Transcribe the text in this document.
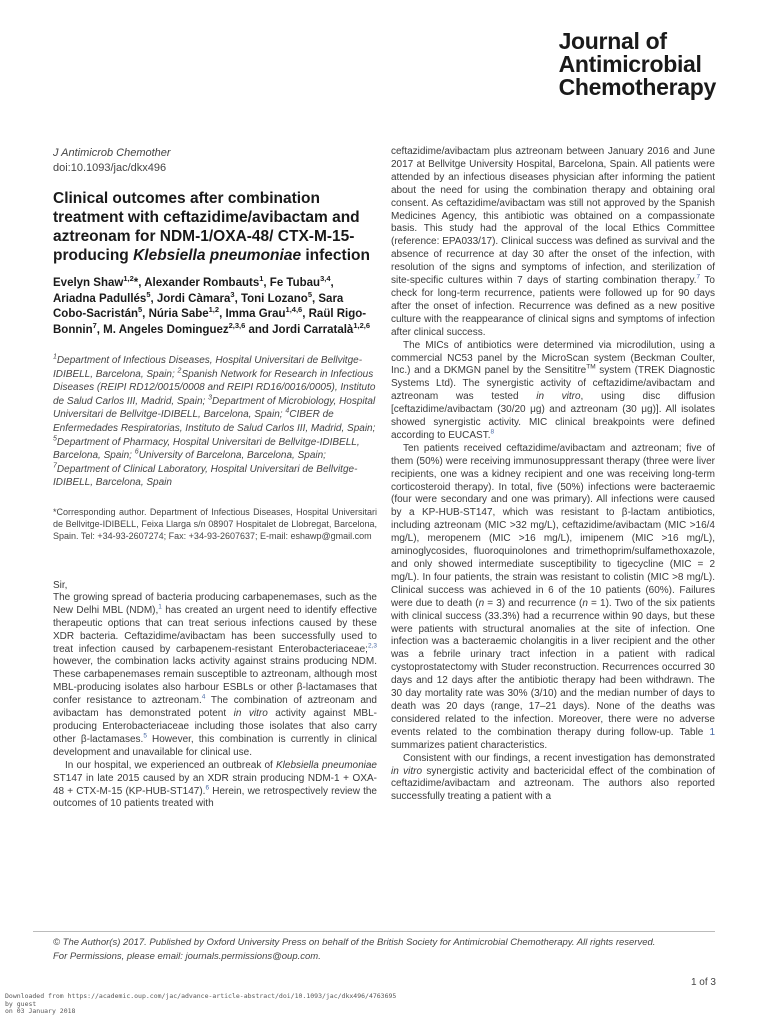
Journal of
Antimicrobial
Chemotherapy
J Antimicrob Chemother
doi:10.1093/jac/dkx496
Clinical outcomes after combination treatment with ceftazidime/avibactam and aztreonam for NDM-1/OXA-48/ CTX-M-15-producing Klebsiella pneumoniae infection
Evelyn Shaw$^{1,2}$*, Alexander Rombauts$^1$, Fe Tubau$^{3,4}$, Ariadna Padullés$^5$, Jordi Càmara$^3$, Toni Lozano$^5$, Sara Cobo-Sacristán$^5$, Núria Sabe$^{1,2}$, Imma Grau$^{1,4,6}$, Raül Rigo-Bonnin$^7$, M. Angeles Dominguez$^{2,3,6}$ and Jordi Carratalà$^{1,2,6}$
$^1$Department of Infectious Diseases, Hospital Universitari de Bellvitge-IDIBELL, Barcelona, Spain; $^2$Spanish Network for Research in Infectious Diseases (REIPI RD12/0015/0008 and REIPI RD16/0016/0005), Instituto de Salud Carlos III, Madrid, Spain; $^3$Department of Microbiology, Hospital Universitari de Bellvitge-IDIBELL, Barcelona, Spain; $^4$CIBER de Enfermedades Respiratorias, Instituto de Salud Carlos III, Madrid, Spain; $^5$Department of Pharmacy, Hospital Universitari de Bellvitge-IDIBELL, Barcelona, Spain; $^6$University of Barcelona, Barcelona, Spain; $^7$Department of Clinical Laboratory, Hospital Universitari de Bellvitge-IDIBELL, Barcelona, Spain
*Corresponding author. Department of Infectious Diseases, Hospital Universitari de Bellvitge-IDIBELL, Feixa Llarga s/n 08907 Hospitalet de Llobregat, Barcelona, Spain. Tel: +34-93-2607274; Fax: +34-93-2607637; E-mail: eshawp@gmail.com
Sir,

The growing spread of bacteria producing carbapenemases, such as the New Delhi MBL (NDM),$^1$ has created an urgent need to identify effective therapeutic options that can treat serious infections caused by these XDR bacteria. Ceftazidime/avibactam has been successfully used to treat infection caused by carbapenem-resistant Enterobacteriaceae;$^{2,3}$ however, the combination lacks activity against strains producing NDM. These carbapenemases remain susceptible to aztreonam, although most MBL-producing isolates also harbour ESBLs or other β-lactamases that confer resistance to aztreonam.$^4$ The combination of aztreonam and avibactam has demonstrated potent in vitro activity against MBL-producing Enterobacteriaceae including those isolates that also carry other β-lactamases.$^5$ However, this combination is currently in clinical development and unavailable for clinical use.

In our hospital, we experienced an outbreak of Klebsiella pneumoniae ST147 in late 2015 caused by an XDR strain producing NDM-1 + OXA-48 + CTX-M-15 (KP-HUB-ST147).$^6$ Herein, we retrospectively review the outcomes of 10 patients treated with

ceftazidime/avibactam plus aztreonam between January 2016 and June 2017 at Bellvitge University Hospital, Barcelona, Spain. All patients were attended by an infectious diseases physician after informing the patient about the need for using the combination therapy and obtaining oral consent. As ceftazidime/avibactam was still not approved by the Spanish Medicines Agency, this antibiotic was obtained on a compassionate basis. This study had the approval of the local Ethics Committee (reference: EPA033/17). Clinical success was defined as survival and the absence of recurrence at day 30 after the onset of the infection, with resolution of the signs and symptoms of infection, and sterilization of site-specific cultures within 7 days of starting combination therapy.$^7$ To check for long-term recurrence, patients were followed up for 90 days after the onset of infection. Recurrence was defined as a new positive culture with the reappearance of clinical signs and symptoms of infection after clinical success.

The MICs of antibiotics were determined via microdilution, using a commercial NC53 panel by the MicroScan system (Beckman Coulter, Inc.) and a DKMGN panel by the Sensititre™ system (TREK Diagnostic Systems Ltd). The synergistic activity of ceftazidime/avibactam and aztreonam was tested in vitro, using disc diffusion [ceftazidime/avibactam (30/20 μg) and aztreonam (30 μg)]. All isolates showed synergistic activity. MIC clinical breakpoints were defined according to EUCAST.$^8$

Ten patients received ceftazidime/avibactam and aztreonam; five of them (50%) were receiving immunosuppressant therapy (three were liver recipients, one was a kidney recipient and one was receiving long-term corticosteroid therapy). In total, five (50%) infections were bacteraemic (four were secondary and one was primary). All infections were caused by a KP-HUB-ST147, which was resistant to β-lactam antibiotics, including aztreonam (MIC >32 mg/L), ceftazidime/avibactam (MIC >16/4 mg/L), meropenem (MIC >16 mg/L), imipenem (MIC >16 mg/L), aminoglycosides, fluoroquinolones and trimethoprim/sulfamethoxazole, and only showed intermediate susceptibility to tigecycline (MIC = 2 mg/L). In four patients, the strain was resistant to colistin (MIC >8 mg/L). Clinical success was achieved in 6 of the 10 patients (60%). Failures were due to death (n = 3) and recurrence (n = 1). Two of the six patients with clinical success (33.3%) had a recurrence within 90 days, but these were patients with structural anomalies at the site of infection. One infection was a bacteraemic cholangitis in a liver recipient and the other was a febrile urinary tract infection in a patient with radical cystoprostatectomy with Studer reconstruction. Recurrences occurred 30 days and 12 days after the antibiotic therapy had been withdrawn. The 30 day mortality rate was 30% (3/10) and the median number of days to death was 20 days (range, 17–21 days). None of the deaths was considered related to the infection. Moreover, there were no adverse events related to the combination therapy during follow-up. Table 1 summarizes patient characteristics.

Consistent with our findings, a recent investigation has demonstrated in vitro synergistic activity and bactericidal effect of the combination of ceftazidime/avibactam and aztreonam. The authors also reported successfully treating a patient with a

© The Author(s) 2017. Published by Oxford University Press on behalf of the British Society for Antimicrobial Chemotherapy. All rights reserved.
For Permissions, please email: journals.permissions@oup.com.
1 of 3
Downloaded from https://academic.oup.com/jac/advance-article-abstract/doi/10.1093/jac/dkx496/4763695
by guest
on 03 January 2018
